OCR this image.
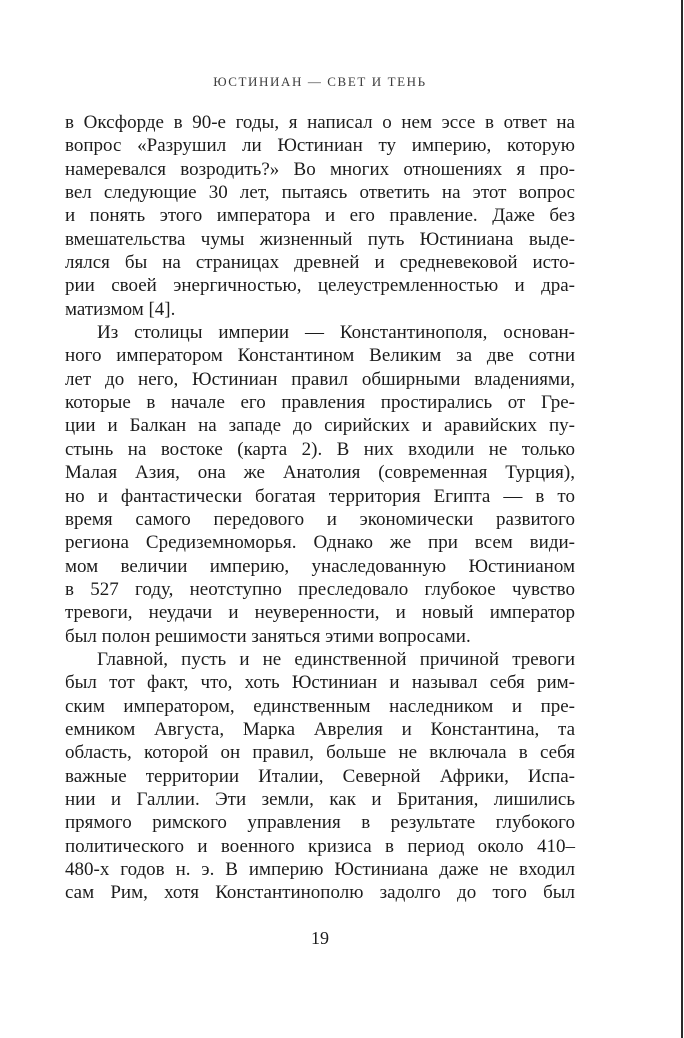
ЮСТИНИАН — СВЕТ И ТЕНЬ
в Оксфорде в 90-е годы, я написал о нем эссе в ответ на
вопрос «Разрушил ли Юстиниан ту империю, которую
намеревался возродить?» Во многих отношениях я про-
вел следующие 30 лет, пытаясь ответить на этот вопрос
и понять этого императора и его правление. Даже без
вмешательства чумы жизненный путь Юстиниана выде-
лялся бы на страницах древней и средневековой исто-
рии своей энергичностью, целеустремленностью и дра-
матизмом [4].
Из столицы империи — Константинополя, основан-
ного императором Константином Великим за две сотни
лет до него, Юстиниан правил обширными владениями,
которые в начале его правления простирались от Гре-
ции и Балкан на западе до сирийских и аравийских пу-
стынь на востоке (карта 2). В них входили не только
Малая Азия, она же Анатолия (современная Турция),
но и фантастически богатая территория Египта — в то
время самого передового и экономически развитого
региона Средиземноморья. Однако же при всем види-
мом величии империю, унаследованную Юстинианом
в 527 году, неотступно преследовало глубокое чувство
тревоги, неудачи и неуверенности, и новый император
был полон решимости заняться этими вопросами.
Главной, пусть и не единственной причиной тревоги
был тот факт, что, хоть Юстиниан и называл себя рим-
ским императором, единственным наследником и пре-
емником Августа, Марка Аврелия и Константина, та
область, которой он правил, больше не включала в себя
важные территории Италии, Северной Африки, Испа-
нии и Галлии. Эти земли, как и Британия, лишились
прямого римского управления в результате глубокого
политического и военного кризиса в период около 410–
480-х годов н. э. В империю Юстиниана даже не входил
сам Рим, хотя Константинополю задолго до того был
19
